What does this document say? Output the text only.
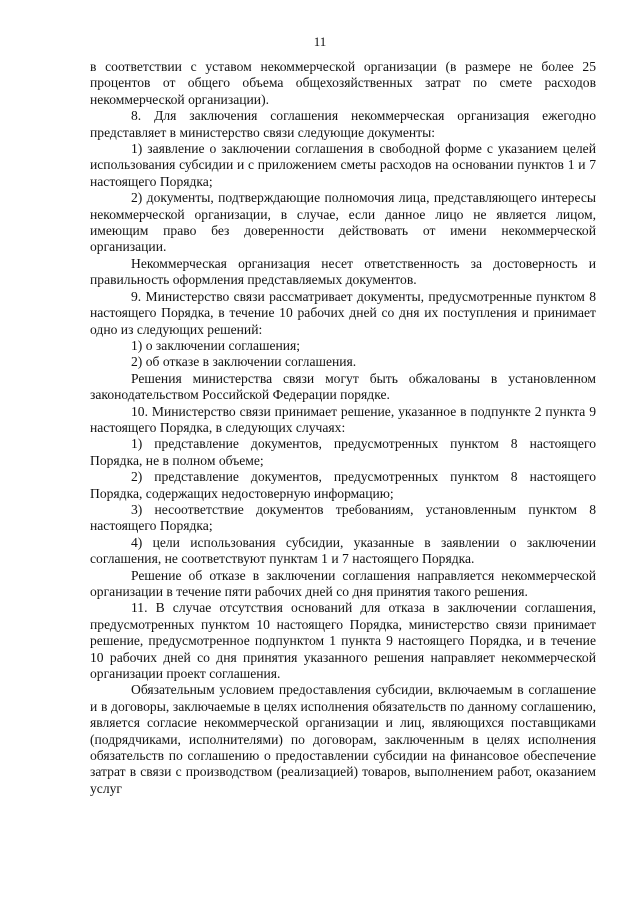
11

в соответствии с уставом некоммерческой организации (в размере не более 25 процентов от общего объема общехозяйственных затрат по смете расходов некоммерческой организации).

8. Для заключения соглашения некоммерческая организация ежегодно представляет в министерство связи следующие документы:

1) заявление о заключении соглашения в свободной форме с указанием целей использования субсидии и с приложением сметы расходов на основании пунктов 1 и 7 настоящего Порядка;

2) документы, подтверждающие полномочия лица, представляющего интересы некоммерческой организации, в случае, если данное лицо не является лицом, имеющим право без доверенности действовать от имени некоммерческой организации.

Некоммерческая организация несет ответственность за достоверность и правильность оформления представляемых документов.

9. Министерство связи рассматривает документы, предусмотренные пунктом 8 настоящего Порядка, в течение 10 рабочих дней со дня их поступления и принимает одно из следующих решений:

1) о заключении соглашения;

2) об отказе в заключении соглашения.

Решения министерства связи могут быть обжалованы в установленном законодательством Российской Федерации порядке.

10. Министерство связи принимает решение, указанное в подпункте 2 пункта 9 настоящего Порядка, в следующих случаях:

1) представление документов, предусмотренных пунктом 8 настоящего Порядка, не в полном объеме;

2) представление документов, предусмотренных пунктом 8 настоящего Порядка, содержащих недостоверную информацию;

3) несоответствие документов требованиям, установленным пунктом 8 настоящего Порядка;

4) цели использования субсидии, указанные в заявлении о заключении соглашения, не соответствуют пунктам 1 и 7 настоящего Порядка.

Решение об отказе в заключении соглашения направляется некоммерческой организации в течение пяти рабочих дней со дня принятия такого решения.

11. В случае отсутствия оснований для отказа в заключении соглашения, предусмотренных пунктом 10 настоящего Порядка, министерство связи принимает решение, предусмотренное подпунктом 1 пункта 9 настоящего Порядка, и в течение 10 рабочих дней со дня принятия указанного решения направляет некоммерческой организации проект соглашения.

Обязательным условием предоставления субсидии, включаемым в соглашение и в договоры, заключаемые в целях исполнения обязательств по данному соглашению, является согласие некоммерческой организации и лиц, являющихся поставщиками (подрядчиками, исполнителями) по договорам, заключенным в целях исполнения обязательств по соглашению о предоставлении субсидии на финансовое обеспечение затрат в связи с производством (реализацией) товаров, выполнением работ, оказанием услуг
